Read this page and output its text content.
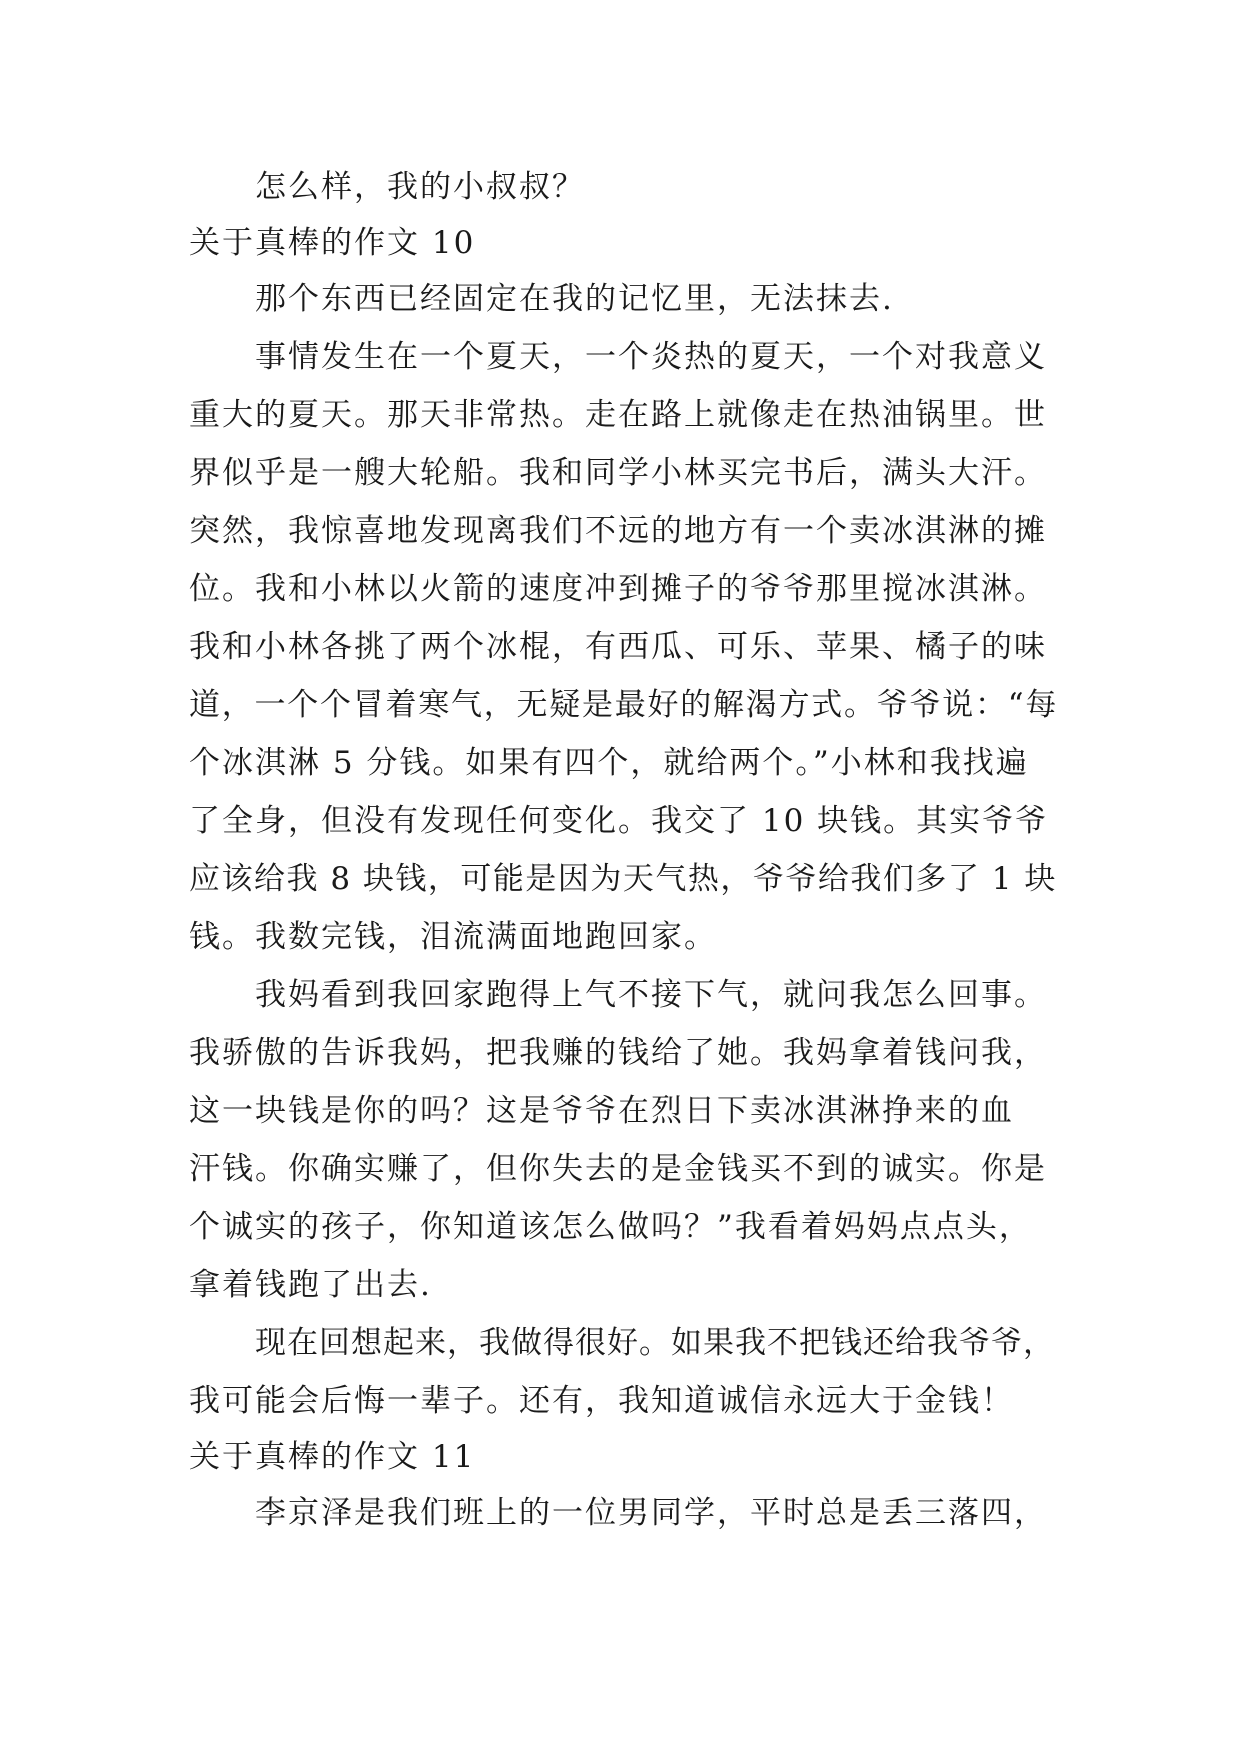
怎么样，我的小叔叔？
关于真棒的作文 10
那个东西已经固定在我的记忆里，无法抹去.
事情发生在一个夏天，一个炎热的夏天，一个对我意义
重大的夏天。那天非常热。走在路上就像走在热油锅里。世
界似乎是一艘大轮船。我和同学小林买完书后，满头大汗。
突然，我惊喜地发现离我们不远的地方有一个卖冰淇淋的摊
位。我和小林以火箭的速度冲到摊子的爷爷那里搅冰淇淋。
我和小林各挑了两个冰棍，有西瓜、可乐、苹果、橘子的味
道，一个个冒着寒气，无疑是最好的解渴方式。爷爷说：“每
个冰淇淋 5 分钱。如果有四个，就给两个。”小林和我找遍
了全身，但没有发现任何变化。我交了 10 块钱。其实爷爷
应该给我 8 块钱，可能是因为天气热，爷爷给我们多了 1 块
钱。我数完钱，泪流满面地跑回家。
我妈看到我回家跑得上气不接下气，就问我怎么回事。
我骄傲的告诉我妈，把我赚的钱给了她。我妈拿着钱问我，
这一块钱是你的吗？这是爷爷在烈日下卖冰淇淋挣来的血
汗钱。你确实赚了，但你失去的是金钱买不到的诚实。你是
个诚实的孩子，你知道该怎么做吗？”我看着妈妈点点头，
拿着钱跑了出去.
现在回想起来，我做得很好。如果我不把钱还给我爷爷，
我可能会后悔一辈子。还有，我知道诚信永远大于金钱！
关于真棒的作文 11
李京泽是我们班上的一位男同学，平时总是丢三落四，
